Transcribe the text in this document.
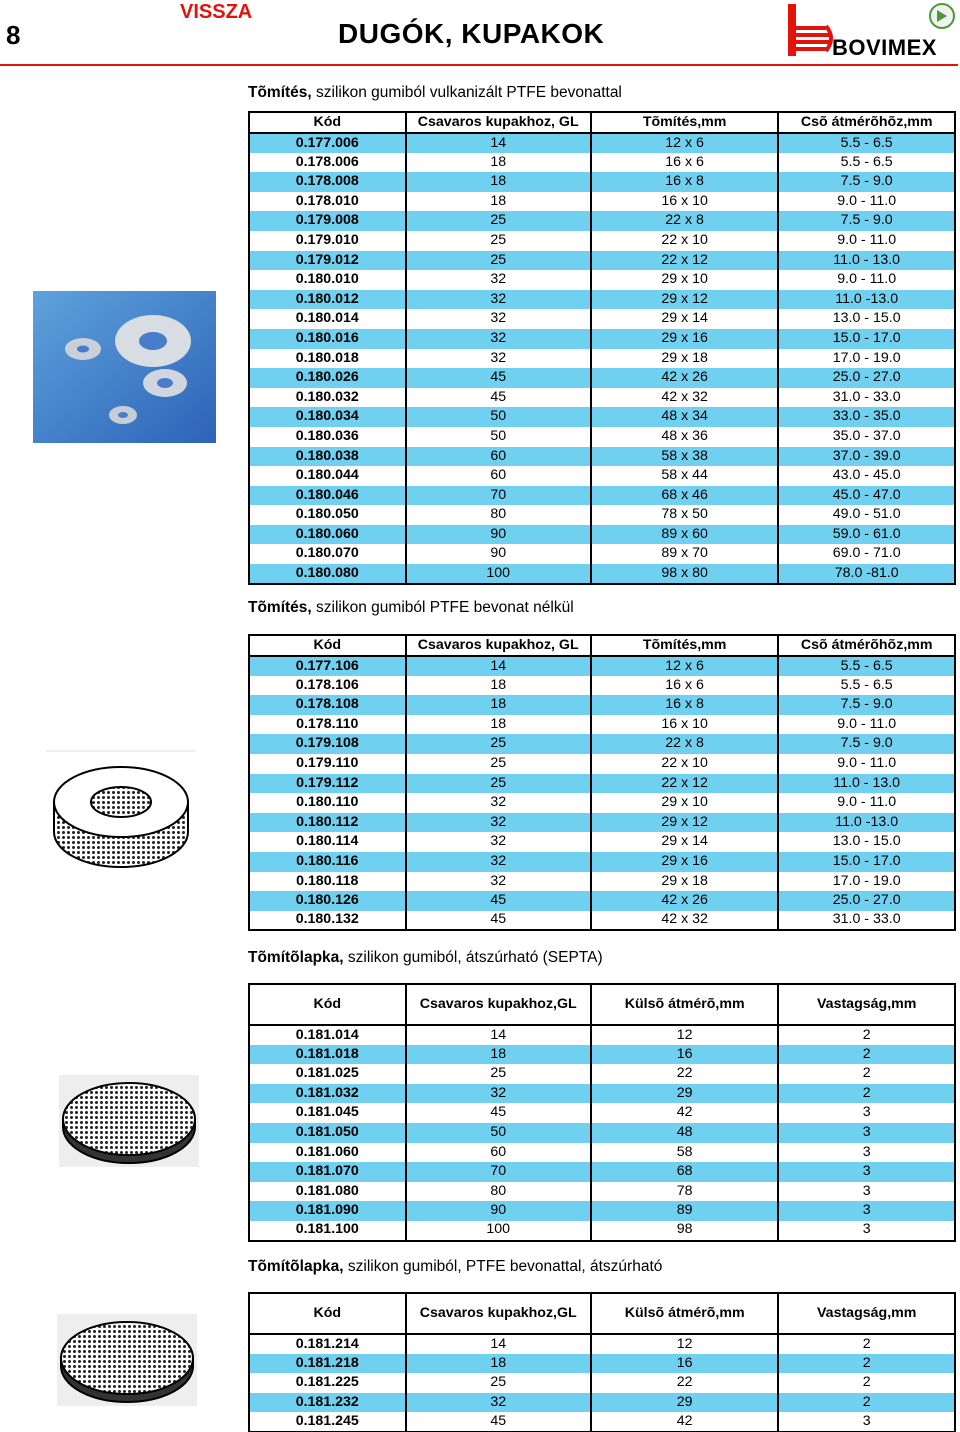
8
VISSZA
DUGÓK, KUPAKOK	BOVIMEX
Tõmítés, szilikon gumiból vulkanizált PTFE bevonattal
Kód	Csavaros kupakhoz, GL	Tõmítés,mm	Csõ átmérõhõz,mm
0.177.006	14	12 x 6	5.5 - 6.5
0.178.006	18	16 x 6	5.5 - 6.5
0.178.008	18	16 x 8	7.5 - 9.0
0.178.010	18	16 x 10	9.0 - 11.0
0.179.008	25	22 x 8	7.5 - 9.0
0.179.010	25	22 x 10	9.0 - 11.0
0.179.012	25	22 x 12	11.0 - 13.0
0.180.010	32	29 x 10	9.0 - 11.0
0.180.012	32	29 x 12	11.0 -13.0
0.180.014	32	29 x 14	13.0 - 15.0
0.180.016	32	29 x 16	15.0 - 17.0
0.180.018	32	29 x 18	17.0 - 19.0
0.180.026	45	42 x 26	25.0 - 27.0
0.180.032	45	42 x 32	31.0 - 33.0
0.180.034	50	48 x 34	33.0 - 35.0
0.180.036	50	48 x 36	35.0 - 37.0
0.180.038	60	58 x 38	37.0 - 39.0
0.180.044	60	58 x 44	43.0 - 45.0
0.180.046	70	68 x 46	45.0 - 47.0
0.180.050	80	78 x 50	49.0 - 51.0
0.180.060	90	89 x 60	59.0 - 61.0
0.180.070	90	89 x 70	69.0 - 71.0
0.180.080	100	98 x 80	78.0 -81.0
Tõmítés, szilikon gumiból PTFE bevonat nélkül
Kód	Csavaros kupakhoz, GL	Tõmítés,mm	Csõ átmérõhõz,mm
0.177.106	14	12 x 6	5.5 - 6.5
0.178.106	18	16 x 6	5.5 - 6.5
0.178.108	18	16 x 8	7.5 - 9.0
0.178.110	18	16 x 10	9.0 - 11.0
0.179.108	25	22 x 8	7.5 - 9.0
0.179.110	25	22 x 10	9.0 - 11.0
0.179.112	25	22 x 12	11.0 - 13.0
0.180.110	32	29 x 10	9.0 - 11.0
0.180.112	32	29 x 12	11.0 -13.0
0.180.114	32	29 x 14	13.0 - 15.0
0.180.116	32	29 x 16	15.0 - 17.0
0.180.118	32	29 x 18	17.0 - 19.0
0.180.126	45	42 x 26	25.0 - 27.0
0.180.132	45	42 x 32	31.0 - 33.0
Tõmítõlapka, szilikon gumiból, átszúrható (SEPTA)
Kód	Csavaros kupakhoz,GL	Külsõ átmérõ,mm	Vastagság,mm
0.181.014	14	12	2
0.181.018	18	16	2
0.181.025	25	22	2
0.181.032	32	29	2
0.181.045	45	42	3
0.181.050	50	48	3
0.181.060	60	58	3
0.181.070	70	68	3
0.181.080	80	78	3
0.181.090	90	89	3
0.181.100	100	98	3
Tõmítõlapka, szilikon gumiból, PTFE bevonattal, átszúrható
Kód	Csavaros kupakhoz,GL	Külsõ átmérõ,mm	Vastagság,mm
0.181.214	14	12	2
0.181.218	18	16	2
0.181.225	25	22	2
0.181.232	32	29	2
0.181.245	45	42	3
